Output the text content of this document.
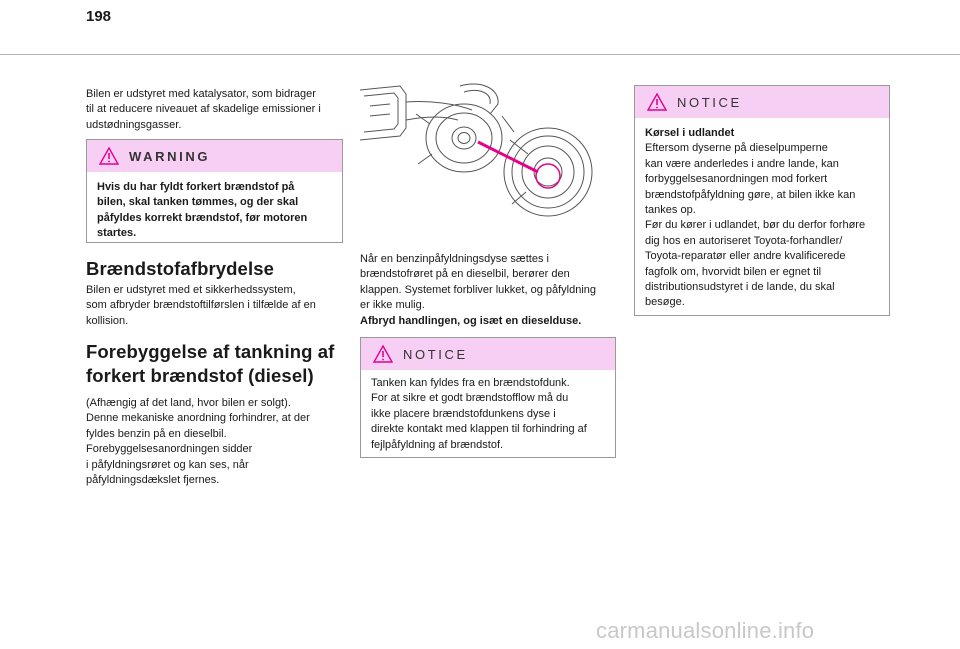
198

Bilen er udstyret med katalysator, som bidrager

til at reducere niveauet af skadelige emissioner i

udstødningsgasser.

WARNING

Hvis du har fyldt forkert brændstof på

bilen, skal tanken tømmes, og der skal

påfyldes korrekt brændstof, før motoren

startes.

Brændstofafbrydelse

Bilen er udstyret med et sikkerhedssystem,

som afbryder brændstoftilførslen i tilfælde af en

kollision.

Forebyggelse af tankning af
forkert brændstof (diesel)

(Afhængig af det land, hvor bilen er solgt).

Denne mekaniske anordning forhindrer, at der

fyldes benzin på en dieselbil.

Forebyggelsesanordningen sidder

i påfyldningsrøret og kan ses, når

påfyldningsdækslet fjernes.

Når en benzinpåfyldningsdyse sættes i

brændstofrøret på en dieselbil, berører den

klappen. Systemet forbliver lukket, og påfyldning

er ikke mulig.

Afbryd handlingen, og isæt en dieselduse.

NOTICE

Tanken kan fyldes fra en brændstofdunk.

For at sikre et godt brændstofflow må du

ikke placere brændstofdunkens dyse i

direkte kontakt med klappen til forhindring af

fejlpåfyldning af brændstof.

NOTICE

Kørsel i udlandet

Eftersom dyserne på dieselpumperne

kan være anderledes i andre lande, kan

forbyggelsesanordningen mod forkert

brændstofpåfyldning gøre, at bilen ikke kan

tankes op.

Før du kører i udlandet, bør du derfor forhøre

dig hos en autoriseret Toyota-forhandler/

Toyota-reparatør eller andre kvalificerede

fagfolk om, hvorvidt bilen er egnet til

distributionsudstyret i de lande, du skal

besøge.

carmanualsonline.info
